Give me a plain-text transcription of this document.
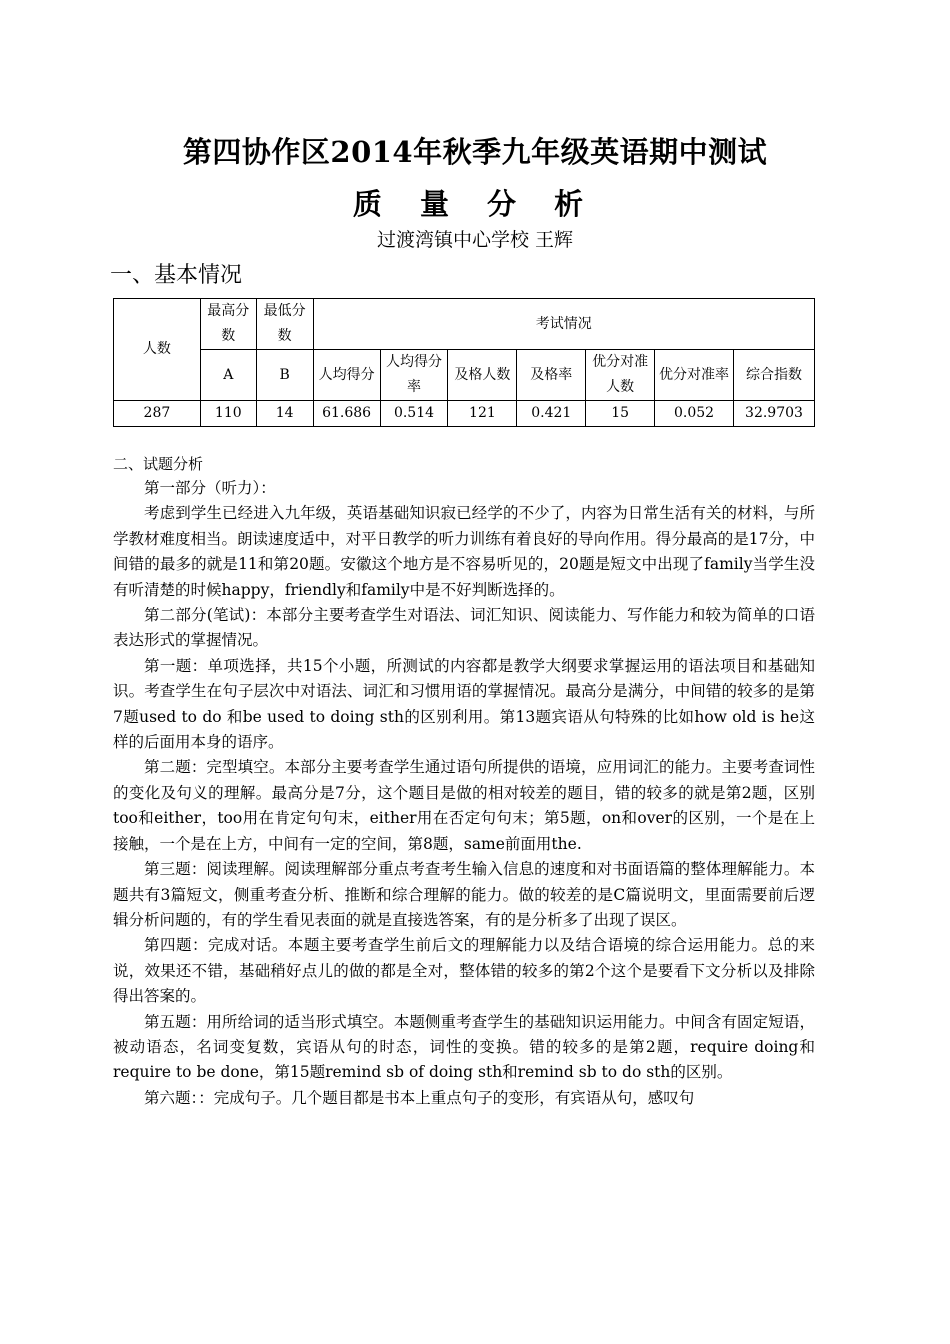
第四协作区2014年秋季九年级英语期中测试
质 量 分 析
过渡湾镇中心学校 王辉
一、基本情况
人数	最高分数	最低分数	考试情况						
	A	B	人均得分	人均得分率	及格人数	及格率	优分对准人数	优分对准率	综合指数

287	110	14	61.686	0.514	121	0.421	15	0.052	32.9703
二、试题分析

第一部分（听力）：

考虑到学生已经进入九年级，英语基础知识寂已经学的不少了，内容为日常生活有关的材料，与所学教材难度相当。朗读速度适中，对平日教学的听力训练有着良好的导向作用。得分最高的是17分，中间错的最多的就是11和第20题。安徽这个地方是不容易听见的，20题是短文中出现了family当学生没有听清楚的时候happy，friendly和family中是不好判断选择的。

第二部分(笔试)：本部分主要考查学生对语法、词汇知识、阅读能力、写作能力和较为简单的口语表达形式的掌握情况。

第一题：单项选择，共15个小题，所测试的内容都是教学大纲要求掌握运用的语法项目和基础知识。考查学生在句子层次中对语法、词汇和习惯用语的掌握情况。最高分是满分，中间错的较多的是第7题used to do 和be used to doing sth的区别利用。第13题宾语从句特殊的比如how old is he这样的后面用本身的语序。

第二题：完型填空。本部分主要考查学生通过语句所提供的语境，应用词汇的能力。主要考查词性的变化及句义的理解。最高分是7分，这个题目是做的相对较差的题目，错的较多的就是第2题，区别too和either，too用在肯定句句末，either用在否定句句末；第5题，on和over的区别，一个是在上接触，一个是在上方，中间有一定的空间，第8题，same前面用the.

第三题：阅读理解。阅读理解部分重点考查考生输入信息的速度和对书面语篇的整体理解能力。本题共有3篇短文，侧重考查分析、推断和综合理解的能力。做的较差的是C篇说明文，里面需要前后逻辑分析问题的，有的学生看见表面的就是直接选答案，有的是分析多了出现了误区。

第四题：完成对话。本题主要考查学生前后文的理解能力以及结合语境的综合运用能力。总的来说，效果还不错，基础稍好点儿的做的都是全对，整体错的较多的第2个这个是要看下文分析以及排除得出答案的。

第五题：用所给词的适当形式填空。本题侧重考查学生的基础知识运用能力。中间含有固定短语，被动语态，名词变复数，宾语从句的时态，词性的变换。错的较多的是第2题，require doing和require to be done，第15题remind sb of doing sth和remind sb to do sth的区别。

第六题：：完成句子。几个题目都是书本上重点句子的变形，有宾语从句，感叹句
